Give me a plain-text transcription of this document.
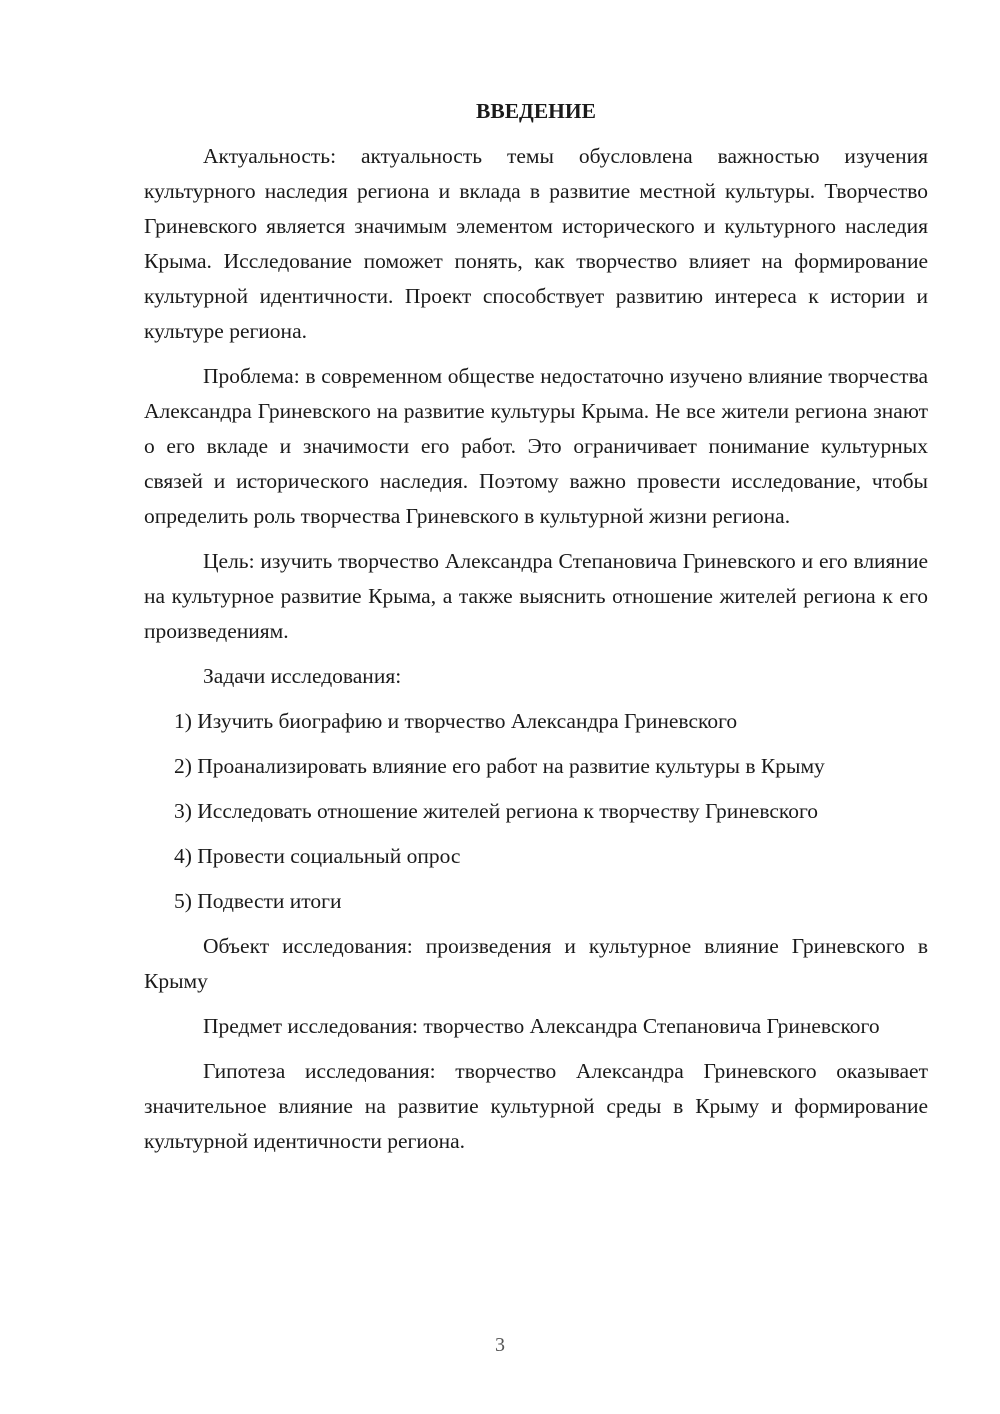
ВВЕДЕНИЕ

Актуальность: актуальность темы обусловлена важностью изучения культурного наследия региона и вклада в развитие местной культуры. Творчество Гриневского является значимым элементом исторического и культурного наследия Крыма. Исследование поможет понять, как творчество влияет на формирование культурной идентичности. Проект способствует развитию интереса к истории и культуре региона.

Проблема: в современном обществе недостаточно изучено влияние творчества Александра Гриневского на развитие культуры Крыма. Не все жители региона знают о его вкладе и значимости его работ. Это ограничивает понимание культурных связей и исторического наследия. Поэтому важно провести исследование, чтобы определить роль творчества Гриневского в культурной жизни региона.

Цель: изучить творчество Александра Степановича Гриневского и его влияние на культурное развитие Крыма, а также выяснить отношение жителей региона к его произведениям.

Задачи исследования:

1) Изучить биографию и творчество Александра Гриневского

2) Проанализировать влияние его работ на развитие культуры в Крыму

3) Исследовать отношение жителей региона к творчеству Гриневского

4) Провести социальный опрос

5) Подвести итоги

Объект исследования: произведения и культурное влияние Гриневского в Крыму

Предмет исследования: творчество Александра Степановича Гриневского

Гипотеза исследования: творчество Александра Гриневского оказывает значительное влияние на развитие культурной среды в Крыму и формирование культурной идентичности региона.

3
